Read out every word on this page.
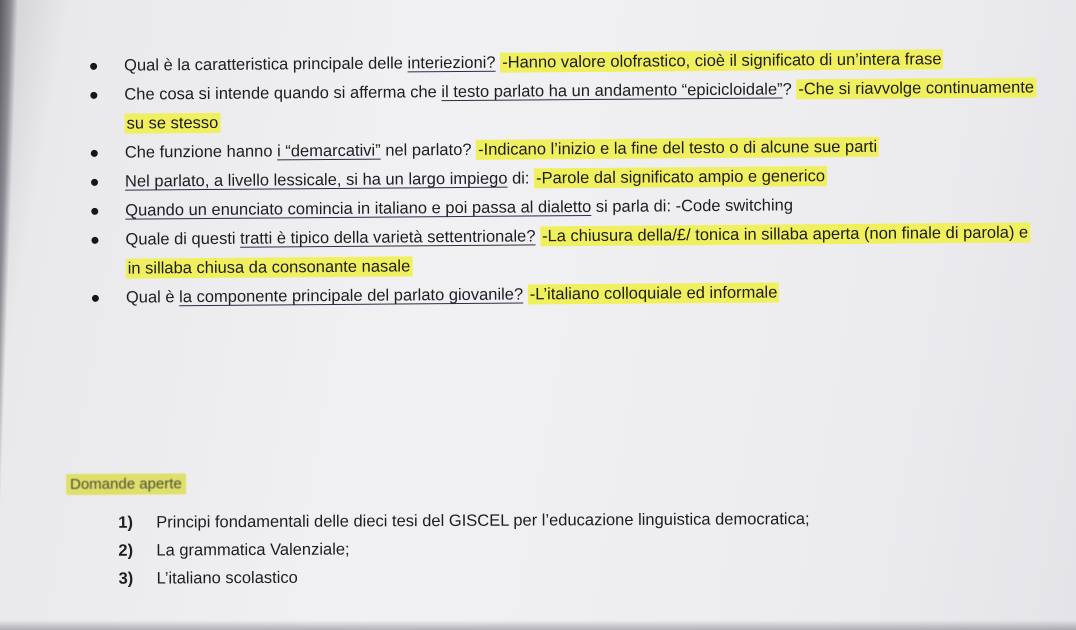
Qual è la caratteristica principale delle interiezioni? -Hanno valore olofrastico, cioè il significato di un’intera frase
Che cosa si intende quando si afferma che il testo parlato ha un andamento “epicicloidale”? -Che si riavvolge continuamente su se stesso
Che funzione hanno i “demarcativi” nel parlato? -Indicano l’inizio e la fine del testo o di alcune sue parti
Nel parlato, a livello lessicale, si ha un largo impiego di: -Parole dal significato ampio e generico
Quando un enunciato comincia in italiano e poi passa al dialetto si parla di: -Code switching
Quale di questi tratti è tipico della varietà settentrionale? -La chiusura della/£/ tonica in sillaba aperta (non finale di parola) e in sillaba chiusa da consonante nasale
Qual è la componente principale del parlato giovanile? -L’italiano colloquiale ed informale
Domande aperte
1) Principi fondamentali delle dieci tesi del GISCEL per l’educazione linguistica democratica;
2) La grammatica Valenziale;
3) L’italiano scolastico
